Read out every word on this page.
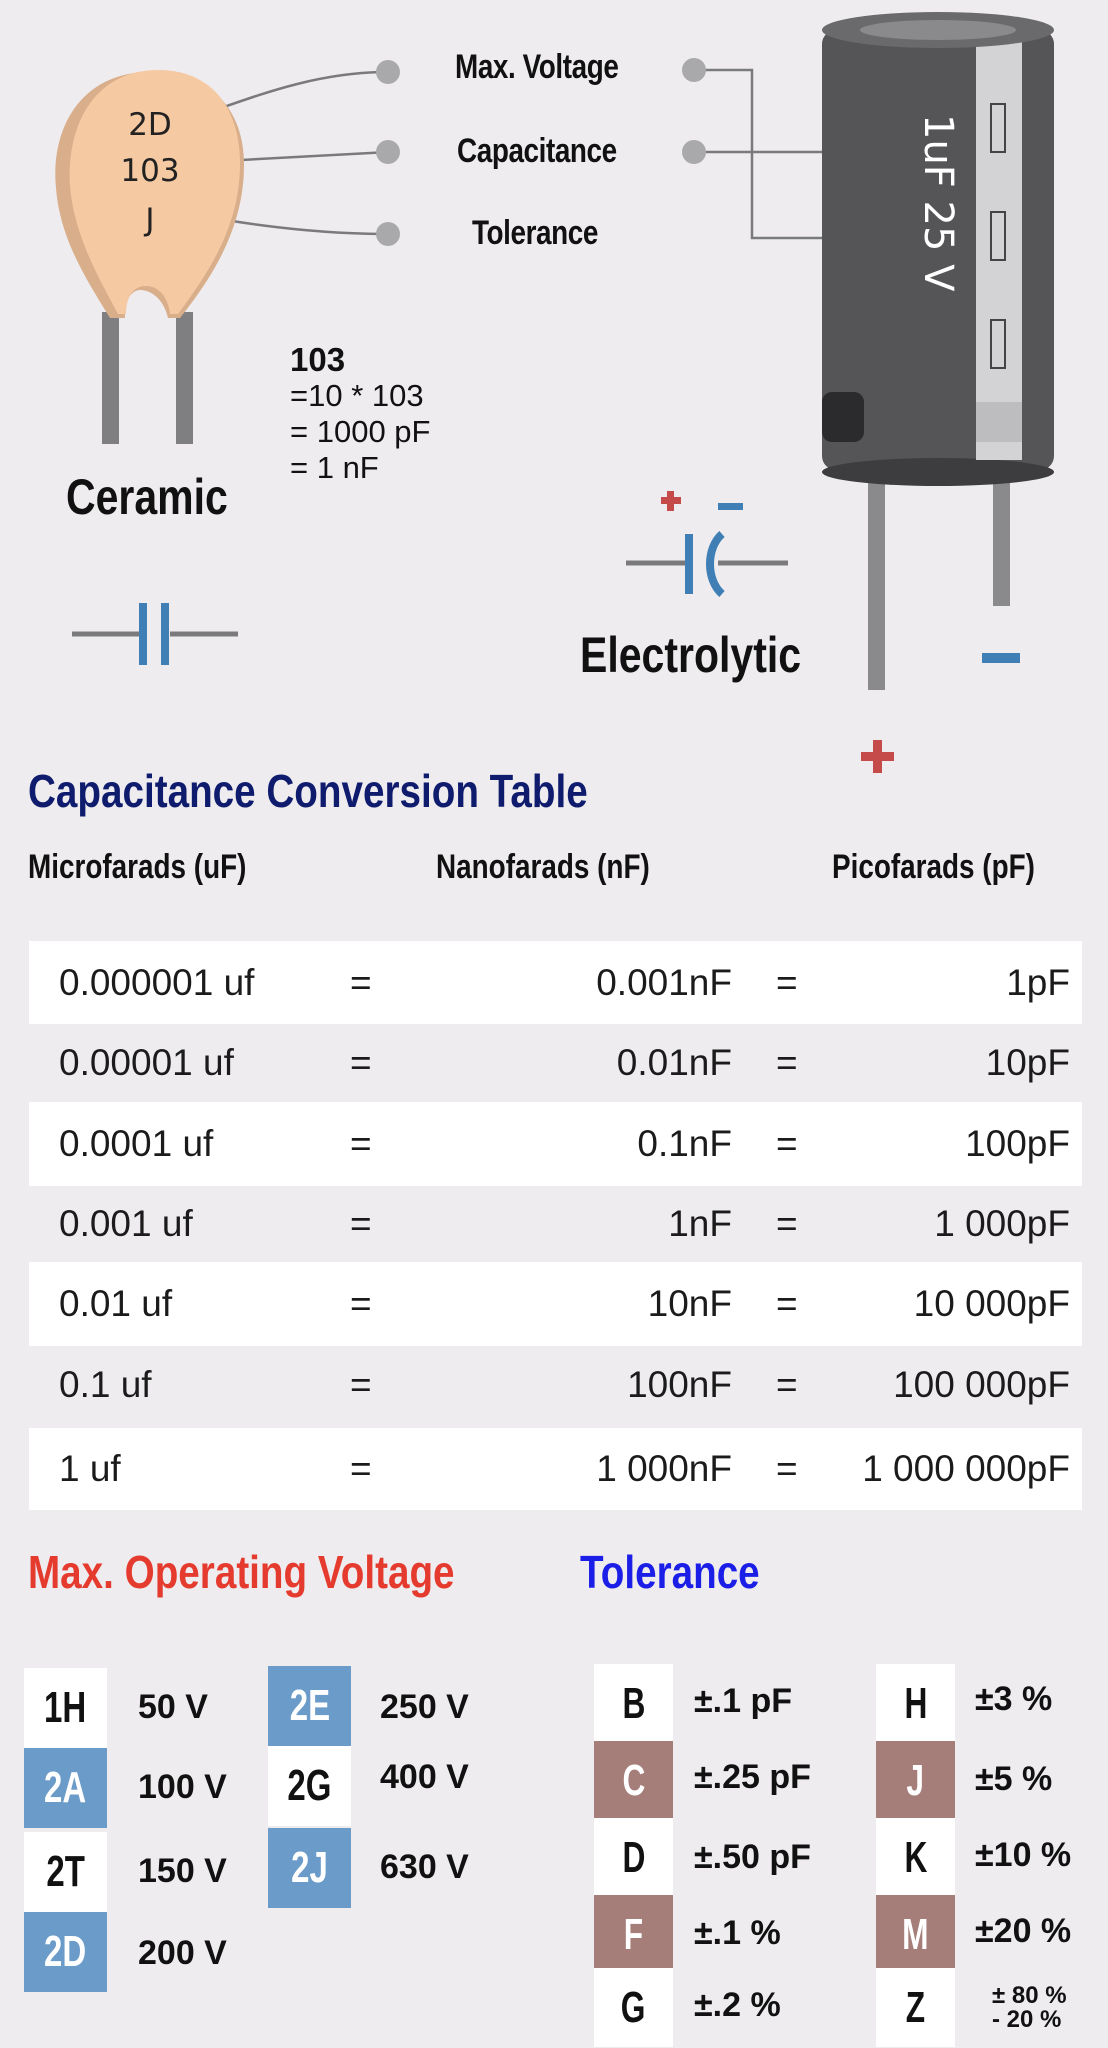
1uF 25 V
2D
103
J
Max. Voltage
Capacitance
Tolerance
103
=10 * 103
= 1000 pF
= 1 nF
Ceramic
Electrolytic
Capacitance Conversion Table
Microfarads (uF)	Nanofarads (nF)	Picofarads (pF)
0.000001 uf	=	0.001nF =	1pF
0.00001 uf	=	0.01nF =	10pF
0.0001 uf	=	0.1nF =	100pF
0.001 uf	=	1nF =	1 000pF
0.01 uf	=	10nF =	10 000pF
0.1 uf	=	100nF =	100 000pF
1 uf	=	1 000nF = 1 000 000pF
Max. Operating Voltage
1H 50 V
2A 100 V
2T 150 V
2D 200 V
2E 250 V
2G 400 V
2J 630 V
Tolerance
B ±.1 pF
C ±.25 pF
D ±.50 pF
F ±.1 %
G ±.2 %
H ±3 %
J ±5 %
K ±10 %
M ±20 %
Z	± 80 %
- 20 %
